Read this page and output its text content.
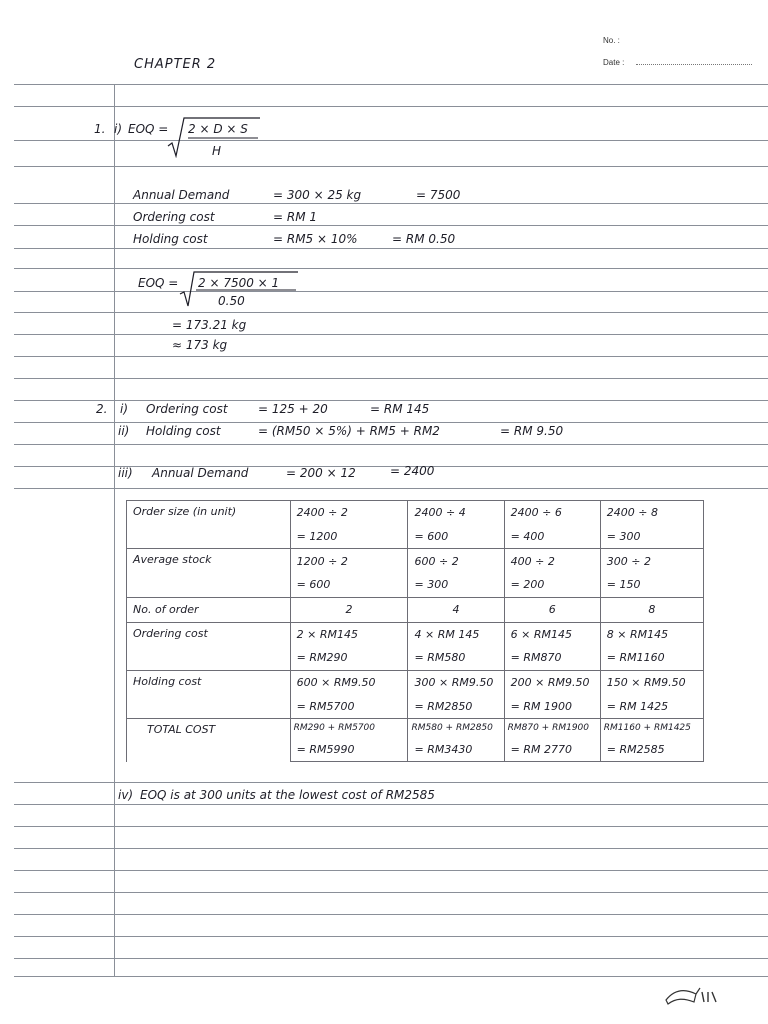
No. :
Date :
CHAPTER 2
1. i) EOQ = 2 × D × S
H
Annual Demand	= 300 × 25 kg	= 7500
Ordering cost	= RM 1
Holding cost	= RM5 × 10%	= RM 0.50
EOQ = 2 × 7500 × 1
0.50
= 173.21 kg
≈ 173 kg
2. i) Ordering cost	= 125 + 20	= RM 145
ii) Holding cost	= (RM50 × 5%) + RM5 + RM2	= RM 9.50
iii) Annual Demand	= 200 × 12	= 2400
Order size (in unit)	2400 ÷ 2	2400 ÷ 4	2400 ÷ 6	2400 ÷ 8
	= 1200	= 600	= 400	= 300
Average stock	1200 ÷ 2	600 ÷ 2	400 ÷ 2	300 ÷ 2
	= 600	= 300	= 200	= 150
No. of order	2	4	6	8
Ordering cost	2 × RM145	4 × RM 145	6 × RM145	8 × RM145
	= RM290	= RM580	= RM870	= RM1160
Holding cost	600 × RM9.50	300 × RM9.50	200 × RM9.50	150 × RM9.50
	= RM5700	= RM2850	= RM 1900	= RM 1425
TOTAL COST	RM290 + RM5700	RM580 + RM2850	RM870 + RM1900	RM1160 + RM1425
	= RM5990	= RM3430	= RM 2770	= RM2585
iv) EOQ is at 300 units at the lowest cost of RM2585
